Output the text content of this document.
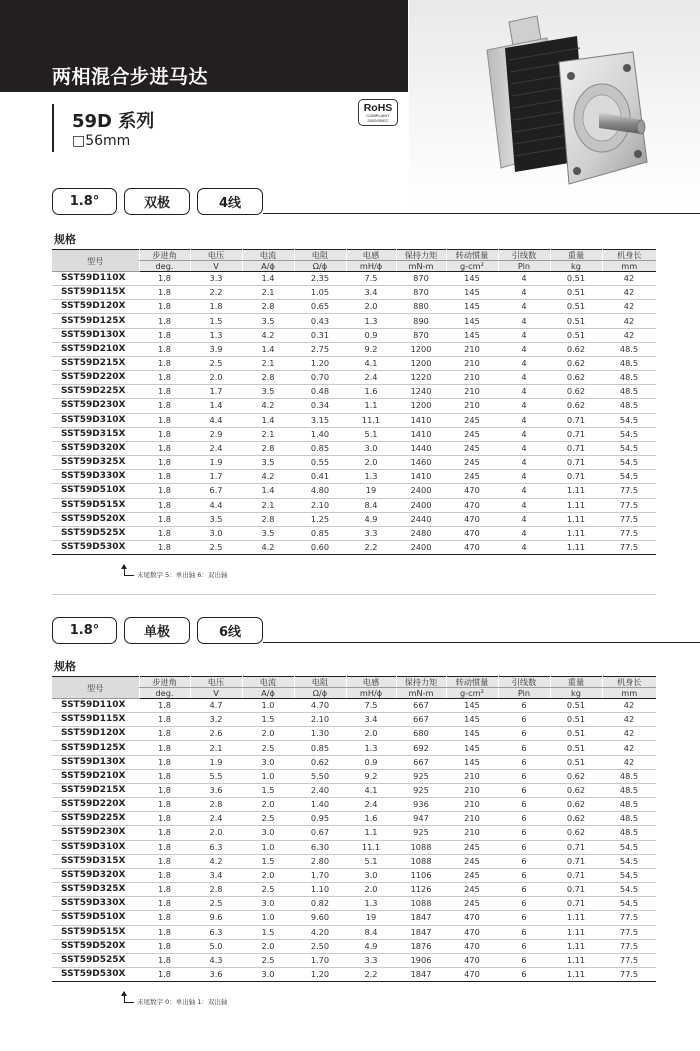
两相混合步进马达
59D 系列
□56mm
RoHS
COMPLIANT
2002/95/EC
1.8°	双极	4线
规格
型号	步进角	电压	电流	电阻	电感	保持力矩	转动惯量	引线数	重量	机身长
	deg.	V	A/ϕ	Ω/ϕ	mH/ϕ	mN-m	g-cm²	Pin	kg	mm
SST59D110X	1.8	3.3	1.4	2.35	7.5	870	145	4	0.51	42
SST59D115X	1.8	2.2	2.1	1.05	3.4	870	145	4	0.51	42
SST59D120X	1.8	1.8	2.8	0.65	2.0	880	145	4	0.51	42
SST59D125X	1.8	1.5	3.5	0.43	1.3	890	145	4	0.51	42
SST59D130X	1.8	1.3	4.2	0.31	0.9	870	145	4	0.51	42
SST59D210X	1.8	3.9	1.4	2.75	9.2	1200	210	4	0.62	48.5
SST59D215X	1.8	2.5	2.1	1.20	4.1	1200	210	4	0.62	48.5
SST59D220X	1.8	2.0	2.8	0.70	2.4	1220	210	4	0.62	48.5
SST59D225X	1.8	1.7	3.5	0.48	1.6	1240	210	4	0.62	48.5
SST59D230X	1.8	1.4	4.2	0.34	1.1	1200	210	4	0.62	48.5
SST59D310X	1.8	4.4	1.4	3.15	11.1	1410	245	4	0.71	54.5
SST59D315X	1.8	2.9	2.1	1.40	5.1	1410	245	4	0.71	54.5
SST59D320X	1.8	2.4	2.8	0.85	3.0	1440	245	4	0.71	54.5
SST59D325X	1.8	1.9	3.5	0.55	2.0	1460	245	4	0.71	54.5
SST59D330X	1.8	1.7	4.2	0.41	1.3	1410	245	4	0.71	54.5
SST59D510X	1.8	6.7	1.4	4.80	19	2400	470	4	1.11	77.5
SST59D515X	1.8	4.4	2.1	2.10	8.4	2400	470	4	1.11	77.5
SST59D520X	1.8	3.5	2.8	1.25	4.9	2440	470	4	1.11	77.5
SST59D525X	1.8	3.0	3.5	0.85	3.3	2480	470	4	1.11	77.5
SST59D530X	1.8	2.5	4.2	0.60	2.2	2400	470	4	1.11	77.5
末尾数字 5：单出轴 6：双出轴
1.8°	单极	6线
规格
型号	步进角	电压	电流	电阻	电感	保持力矩	转动惯量	引线数	重量	机身长
	deg.	V	A/ϕ	Ω/ϕ	mH/ϕ	mN-m	g-cm²	Pin	kg	mm
SST59D110X	1.8	4.7	1.0	4.70	7.5	667	145	6	0.51	42
SST59D115X	1.8	3.2	1.5	2.10	3.4	667	145	6	0.51	42
SST59D120X	1.8	2.6	2.0	1.30	2.0	680	145	6	0.51	42
SST59D125X	1.8	2.1	2.5	0.85	1.3	692	145	6	0.51	42
SST59D130X	1.8	1.9	3.0	0.62	0.9	667	145	6	0.51	42
SST59D210X	1.8	5.5	1.0	5.50	9.2	925	210	6	0.62	48.5
SST59D215X	1.8	3.6	1.5	2.40	4.1	925	210	6	0.62	48.5
SST59D220X	1.8	2.8	2.0	1.40	2.4	936	210	6	0.62	48.5
SST59D225X	1.8	2.4	2.5	0.95	1.6	947	210	6	0.62	48.5
SST59D230X	1.8	2.0	3.0	0.67	1.1	925	210	6	0.62	48.5
SST59D310X	1.8	6.3	1.0	6.30	11.1	1088	245	6	0.71	54.5
SST59D315X	1.8	4.2	1.5	2.80	5.1	1088	245	6	0.71	54.5
SST59D320X	1.8	3.4	2.0	1.70	3.0	1106	245	6	0.71	54.5
SST59D325X	1.8	2.8	2.5	1.10	2.0	1126	245	6	0.71	54.5
SST59D330X	1.8	2.5	3.0	0.82	1.3	1088	245	6	0.71	54.5
SST59D510X	1.8	9.6	1.0	9.60	19	1847	470	6	1.11	77.5
SST59D515X	1.8	6.3	1.5	4.20	8.4	1847	470	6	1.11	77.5
SST59D520X	1.8	5.0	2.0	2.50	4.9	1876	470	6	1.11	77.5
SST59D525X	1.8	4.3	2.5	1.70	3.3	1906	470	6	1.11	77.5
SST59D530X	1.8	3.6	3.0	1.20	2.2	1847	470	6	1.11	77.5
末尾数字 0：单出轴 1：双出轴
